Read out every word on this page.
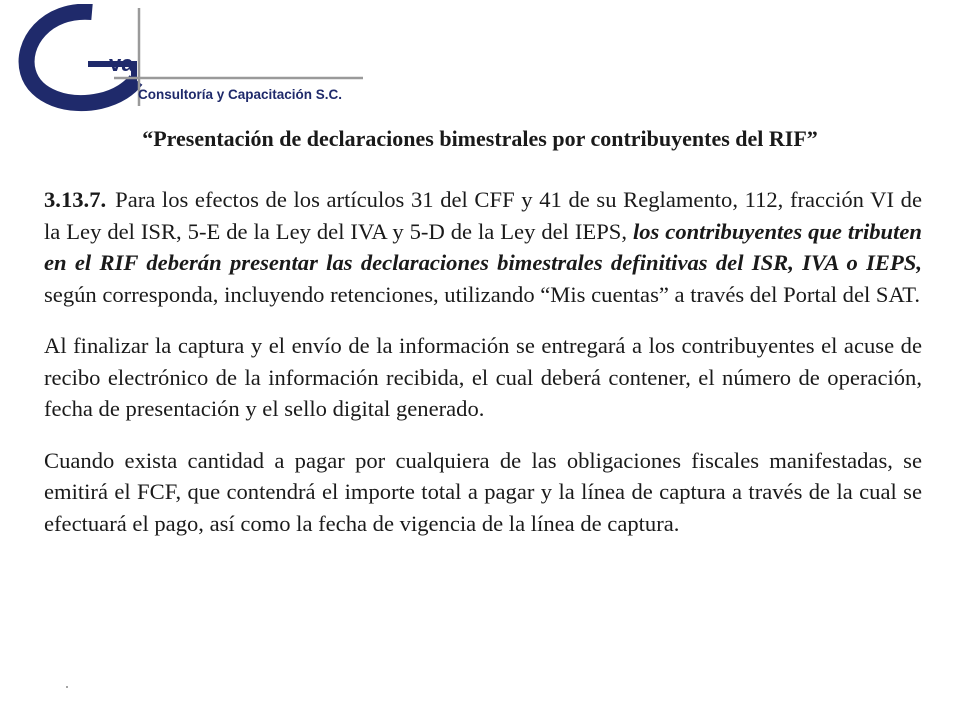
va
Consultoría y Capacitación S.C.
“Presentación de declaraciones bimestrales por contribuyentes del RIF”

3.13.7. Para los efectos de los artículos 31 del CFF y 41 de su Reglamento, 112, fracción VI de la Ley del ISR, 5-E de la Ley del IVA y 5-D de la Ley del IEPS, los contribuyentes que tributen en el RIF deberán presentar las declaraciones bimestrales definitivas del ISR, IVA o IEPS, según corresponda, incluyendo retenciones, utilizando “Mis cuentas” a través del Portal del SAT.

Al finalizar la captura y el envío de la información se entregará a los contribuyentes el acuse de recibo electrónico de la información recibida, el cual deberá contener, el número de operación, fecha de presentación y el sello digital generado.

Cuando exista cantidad a pagar por cualquiera de las obligaciones fiscales manifestadas, se emitirá el FCF, que contendrá el importe total a pagar y la línea de captura a través de la cual se efectuará el pago, así como la fecha de vigencia de la línea de captura.
